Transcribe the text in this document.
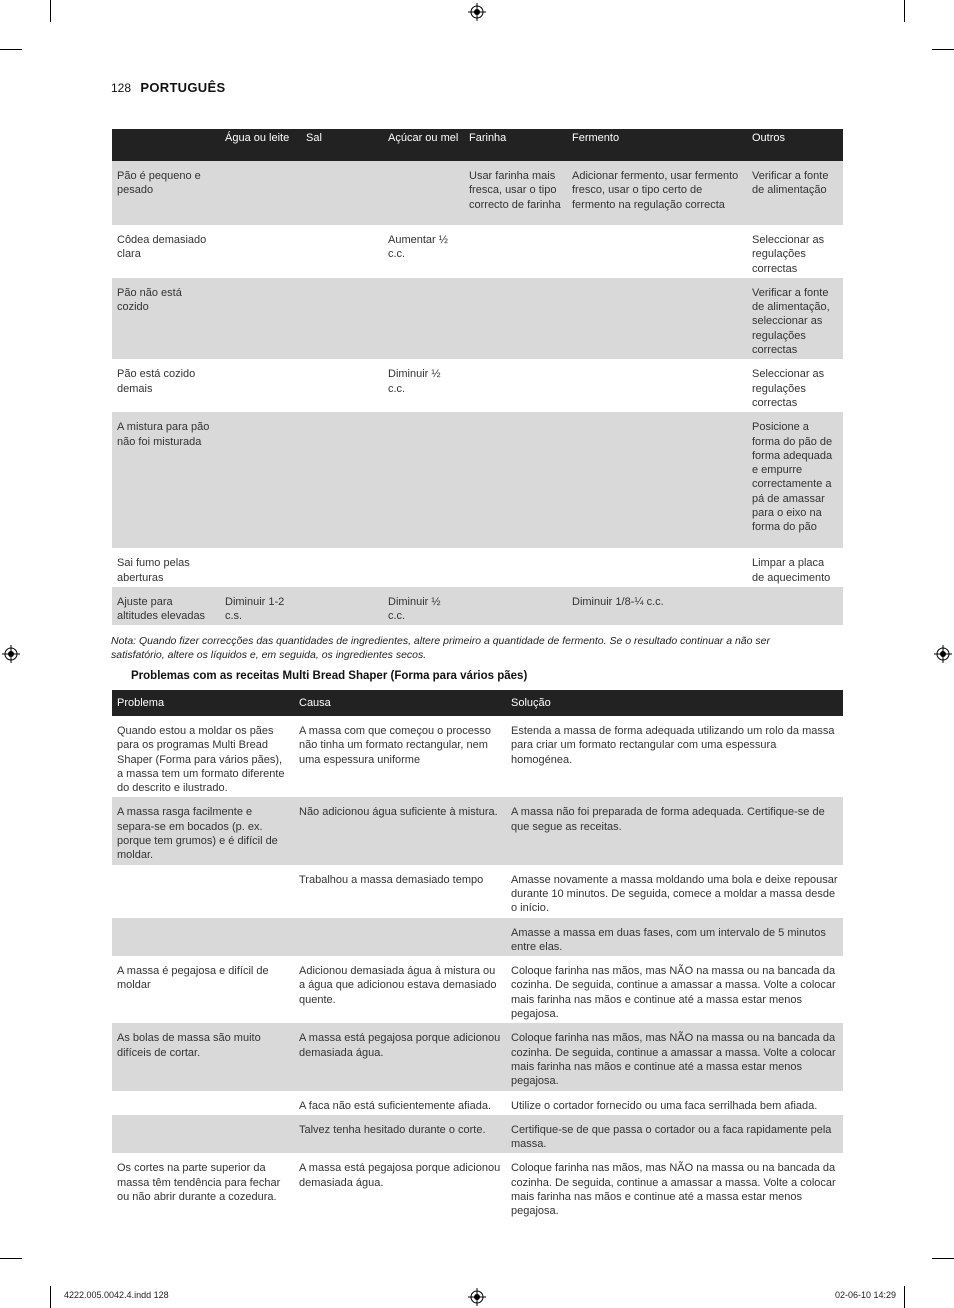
128 PORTUGUÊS
	Água ou leite	Sal	Açúcar ou mel	Farinha	Fermento	Outros
Pão é pequeno e pesado				Usar farinha mais fresca, usar o tipo correcto de farinha	Adicionar fermento, usar fermento fresco, usar o tipo certo de fermento na regulação correcta	Verificar a fonte de alimentação
Côdea demasiado clara			Aumentar ½ c.c.			Seleccionar as regulações correctas
Pão não está cozido						Verificar a fonte de alimentação, seleccionar as regulações correctas
Pão está cozido demais			Diminuir ½ c.c.			Seleccionar as regulações correctas
A mistura para pão não foi misturada						Posicione a forma do pão de forma adequada e empurre correctamente a pá de amassar para o eixo na forma do pão
Sai fumo pelas aberturas						Limpar a placa de aquecimento
Ajuste para altitudes elevadas	Diminuir 1-2 c.s.		Diminuir ½ c.c.		Diminuir 1/8-¼ c.c.	
Nota: Quando fizer correcções das quantidades de ingredientes, altere primeiro a quantidade de fermento. Se o resultado continuar a não ser satisfatório, altere os líquidos e, em seguida, os ingredientes secos.
Problemas com as receitas Multi Bread Shaper (Forma para vários pães)
Problema	Causa	Solução
Quando estou a moldar os pães para os programas Multi Bread Shaper (Forma para vários pães), a massa tem um formato diferente do descrito e ilustrado.	A massa com que começou o processo não tinha um formato rectangular, nem uma espessura uniforme	Estenda a massa de forma adequada utilizando um rolo da massa para criar um formato rectangular com uma espessura homogénea.
A massa rasga facilmente e separa-se em bocados (p. ex. porque tem grumos) e é difícil de moldar.	Não adicionou água suficiente à mistura.	A massa não foi preparada de forma adequada. Certifique-se de que segue as receitas.
	Trabalhou a massa demasiado tempo	Amasse novamente a massa moldando uma bola e deixe repousar durante 10 minutos. De seguida, comece a moldar a massa desde o início.
		Amasse a massa em duas fases, com um intervalo de 5 minutos entre elas.
A massa é pegajosa e difícil de moldar	Adicionou demasiada água à mistura ou a água que adicionou estava demasiado quente.	Coloque farinha nas mãos, mas NÃO na massa ou na bancada da cozinha. De seguida, continue a amassar a massa. Volte a colocar mais farinha nas mãos e continue até a massa estar menos pegajosa.
As bolas de massa são muito difíceis de cortar.	A massa está pegajosa porque adicionou demasiada água.	Coloque farinha nas mãos, mas NÃO na massa ou na bancada da cozinha. De seguida, continue a amassar a massa. Volte a colocar mais farinha nas mãos e continue até a massa estar menos pegajosa.
	A faca não está suficientemente afiada.	Utilize o cortador fornecido ou uma faca serrilhada bem afiada.
	Talvez tenha hesitado durante o corte.	Certifique-se de que passa o cortador ou a faca rapidamente pela massa.
Os cortes na parte superior da massa têm tendência para fechar ou não abrir durante a cozedura.	A massa está pegajosa porque adicionou demasiada água.	Coloque farinha nas mãos, mas NÃO na massa ou na bancada da cozinha. De seguida, continue a amassar a massa. Volte a colocar mais farinha nas mãos e continue até a massa estar menos pegajosa.
4222.005.0042.4.indd 128	02-06-10 14:29
